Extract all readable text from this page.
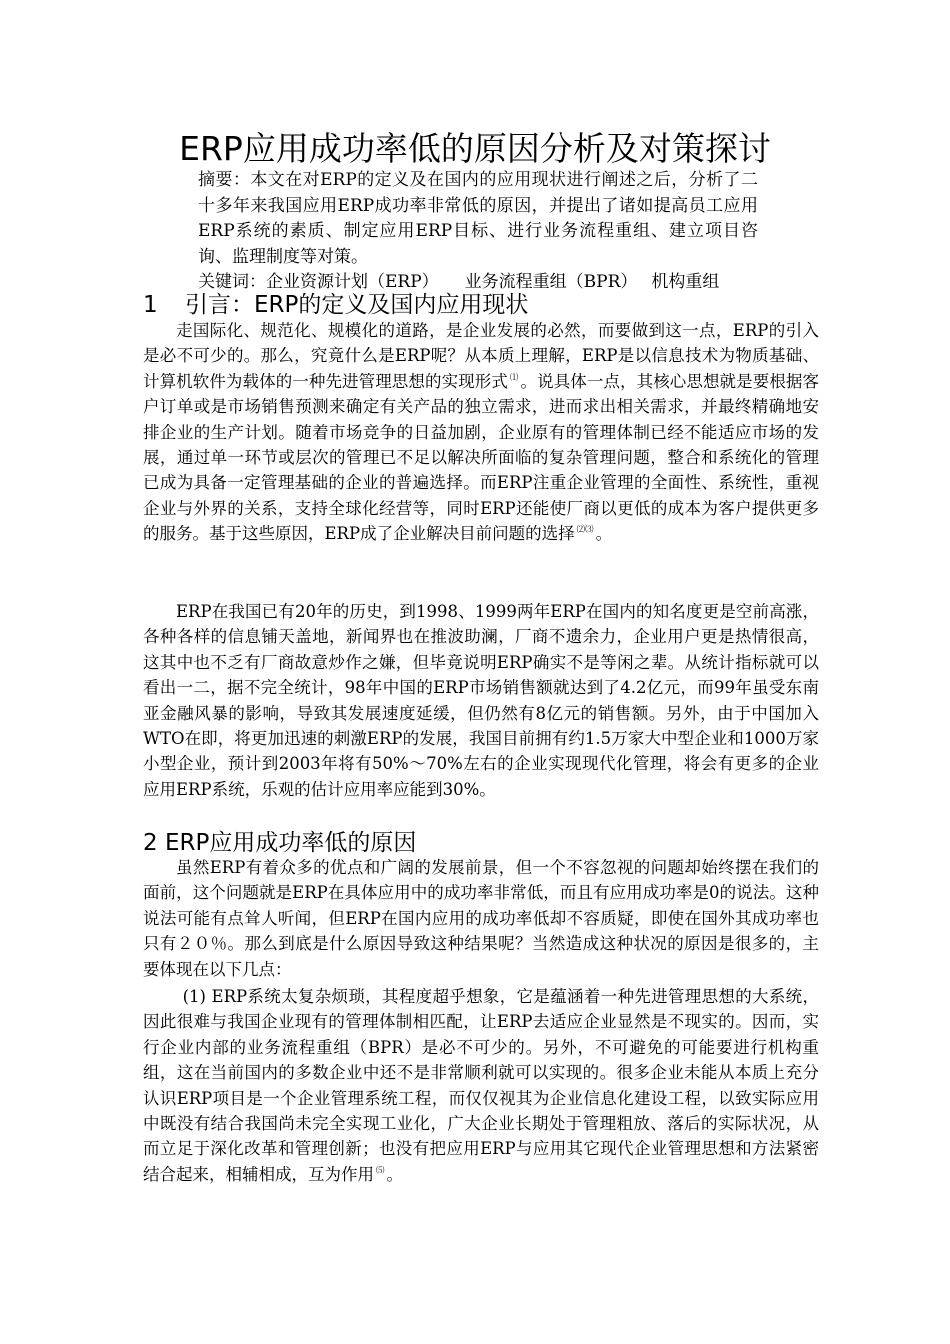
ERP应用成功率低的原因分析及对策探讨

摘要：本文在对ERP的定义及在国内的应用现状进行阐述之后，分析了二十多年来我国应用ERP成功率非常低的原因，并提出了诸如提高员工应用ERP系统的素质、制定应用ERP目标、进行业务流程重组、建立项目咨询、监理制度等对策。

关键词：企业资源计划（ERP） 业务流程重组（BPR） 机构重组

1 引言：ERP的定义及国内应用现状

走国际化、规范化、规模化的道路，是企业发展的必然，而要做到这一点，ERP的引入是必不可少的。那么，究竟什么是ERP呢？从本质上理解，ERP是以信息技术为物质基础、计算机软件为载体的一种先进管理思想的实现形式 ⑴ 。说具体一点，其核心思想就是要根据客户订单或是市场销售预测来确定有关产品的独立需求，进而求出相关需求，并最终精确地安排企业的生产计划。随着市场竞争的日益加剧，企业原有的管理体制已经不能适应市场的发展，通过单一环节或层次的管理已不足以解决所面临的复杂管理问题，整合和系统化的管理已成为具备一定管理基础的企业的普遍选择。而ERP注重企业管理的全面性、系统性，重视企业与外界的关系，支持全球化经营等，同时ERP还能使厂商以更低的成本为客户提供更多的服务。基于这些原因，ERP成了企业解决目前问题的选择 ⑵⑶ 。

ERP在我国已有20年的历史，到1998、1999两年ERP在国内的知名度更是空前高涨，各种各样的信息铺天盖地，新闻界也在推波助澜，厂商不遗余力，企业用户更是热情很高，这其中也不乏有厂商故意炒作之嫌，但毕竟说明ERP确实不是等闲之辈。从统计指标就可以看出一二，据不完全统计，98年中国的ERP市场销售额就达到了4.2亿元，而99年虽受东南亚金融风暴的影响，导致其发展速度延缓，但仍然有8亿元的销售额。另外，由于中国加入WTO在即，将更加迅速的刺激ERP的发展，我国目前拥有约1.5万家大中型企业和1000万家小型企业，预计到2003年将有50%～70%左右的企业实现现代化管理，将会有更多的企业应用ERP系统，乐观的估计应用率应能到30%。

2 ERP应用成功率低的原因

虽然ERP有着众多的优点和广阔的发展前景，但一个不容忽视的问题却始终摆在我们的面前，这个问题就是ERP在具体应用中的成功率非常低，而且有应用成功率是0的说法。这种说法可能有点耸人听闻，但ERP在国内应用的成功率低却不容质疑，即使在国外其成功率也只有２０％。那么到底是什么原因导致这种结果呢？当然造成这种状况的原因是很多的，主要体现在以下几点：

(1) ERP系统太复杂烦琐，其程度超乎想象，它是蕴涵着一种先进管理思想的大系统，因此很难与我国企业现有的管理体制相匹配，让ERP去适应企业显然是不现实的。因而，实行企业内部的业务流程重组（BPR）是必不可少的。另外，不可避免的可能要进行机构重组，这在当前国内的多数企业中还不是非常顺利就可以实现的。很多企业未能从本质上充分认识ERP项目是一个企业管理系统工程，而仅仅视其为企业信息化建设工程，以致实际应用中既没有结合我国尚未完全实现工业化，广大企业长期处于管理粗放、落后的实际状况，从而立足于深化改革和管理创新；也没有把应用ERP与应用其它现代企业管理思想和方法紧密结合起来，相辅相成，互为作用 ⑸ 。
